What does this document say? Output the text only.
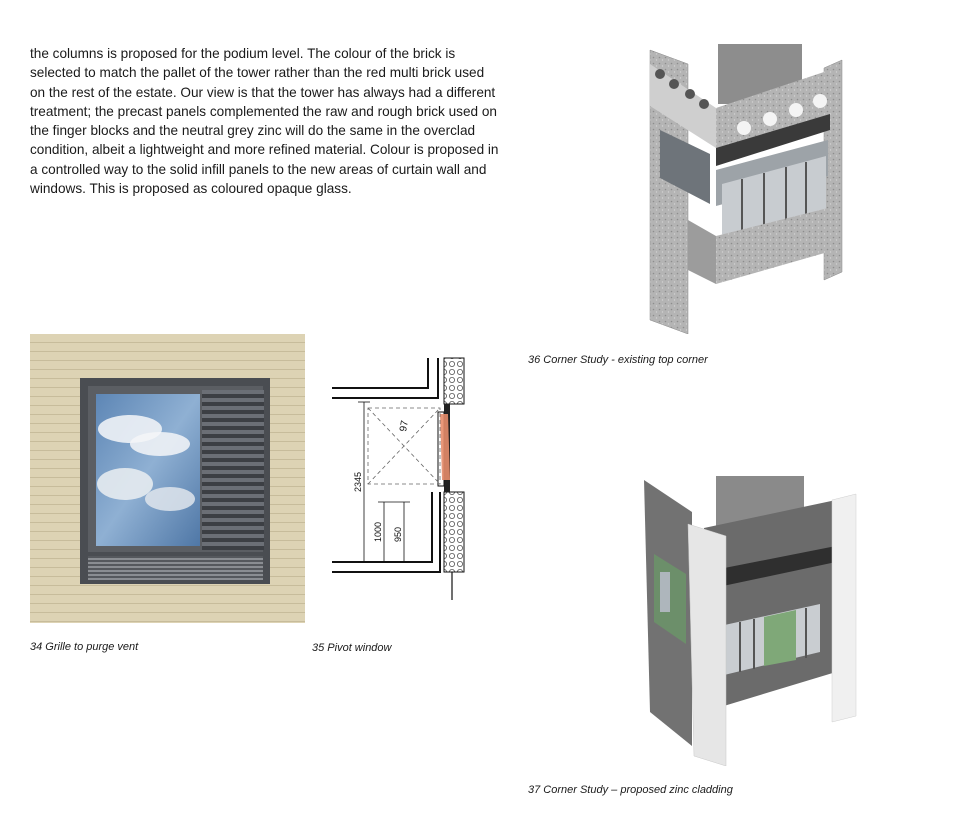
the columns is proposed for the podium level. The colour of the brick is selected to match the pallet of the tower rather than the red multi brick used on the rest of the estate. Our view is that the tower has always had a different treatment; the precast panels complemented the raw and rough brick used on the finger blocks and the neutral grey zinc will do the same in the overclad condition, albeit a lightweight and more refined material. Colour is proposed in a controlled way to the solid infill panels to the new areas of curtain wall and windows. This is proposed as coloured opaque glass.

34 Grille to purge vent
2345
1000 950
97
35 Pivot window
36 Corner Study - existing top corner
37 Corner Study – proposed zinc cladding
